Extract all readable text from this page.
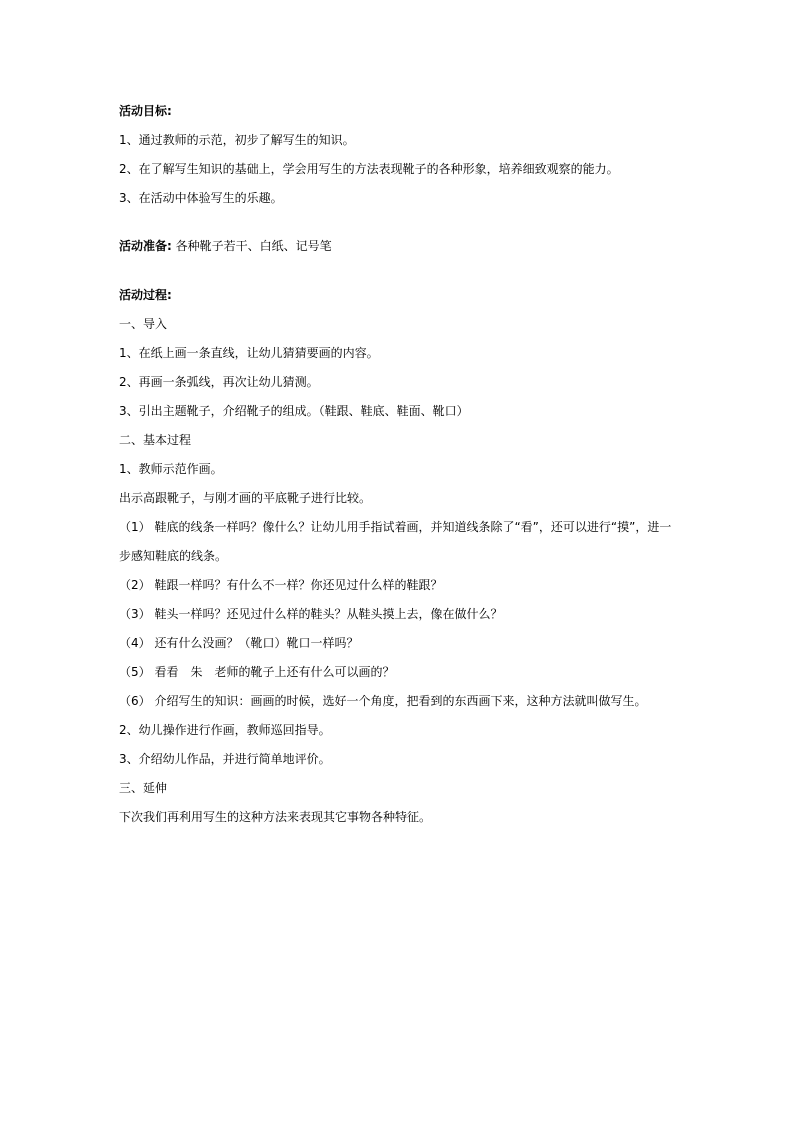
活动目标:
1、通过教师的示范，初步了解写生的知识。
2、在了解写生知识的基础上，学会用写生的方法表现靴子的各种形象，培养细致观察的能力。
3、在活动中体验写生的乐趣。
活动准备: 各种靴子若干、白纸、记号笔
活动过程:
一、导入
1、在纸上画一条直线，让幼儿猜猜要画的内容。
2、再画一条弧线，再次让幼儿猜测。
3、引出主题靴子，介绍靴子的组成。（鞋跟、鞋底、鞋面、靴口）
二、基本过程
1、教师示范作画。
出示高跟靴子，与刚才画的平底靴子进行比较。
（1） 鞋底的线条一样吗？像什么？让幼儿用手指试着画，并知道线条除了“看”，还可以进行“摸”，进一
步感知鞋底的线条。
（2） 鞋跟一样吗？有什么不一样？你还见过什么样的鞋跟？
（3） 鞋头一样吗？还见过什么样的鞋头？从鞋头摸上去，像在做什么？
（4） 还有什么没画？（靴口）靴口一样吗？
（5） 看看　朱　老师的靴子上还有什么可以画的？
（6） 介绍写生的知识：画画的时候，选好一个角度，把看到的东西画下来，这种方法就叫做写生。
2、幼儿操作进行作画，教师巡回指导。
3、介绍幼儿作品，并进行简单地评价。
三、延伸
下次我们再利用写生的这种方法来表现其它事物各种特征。
